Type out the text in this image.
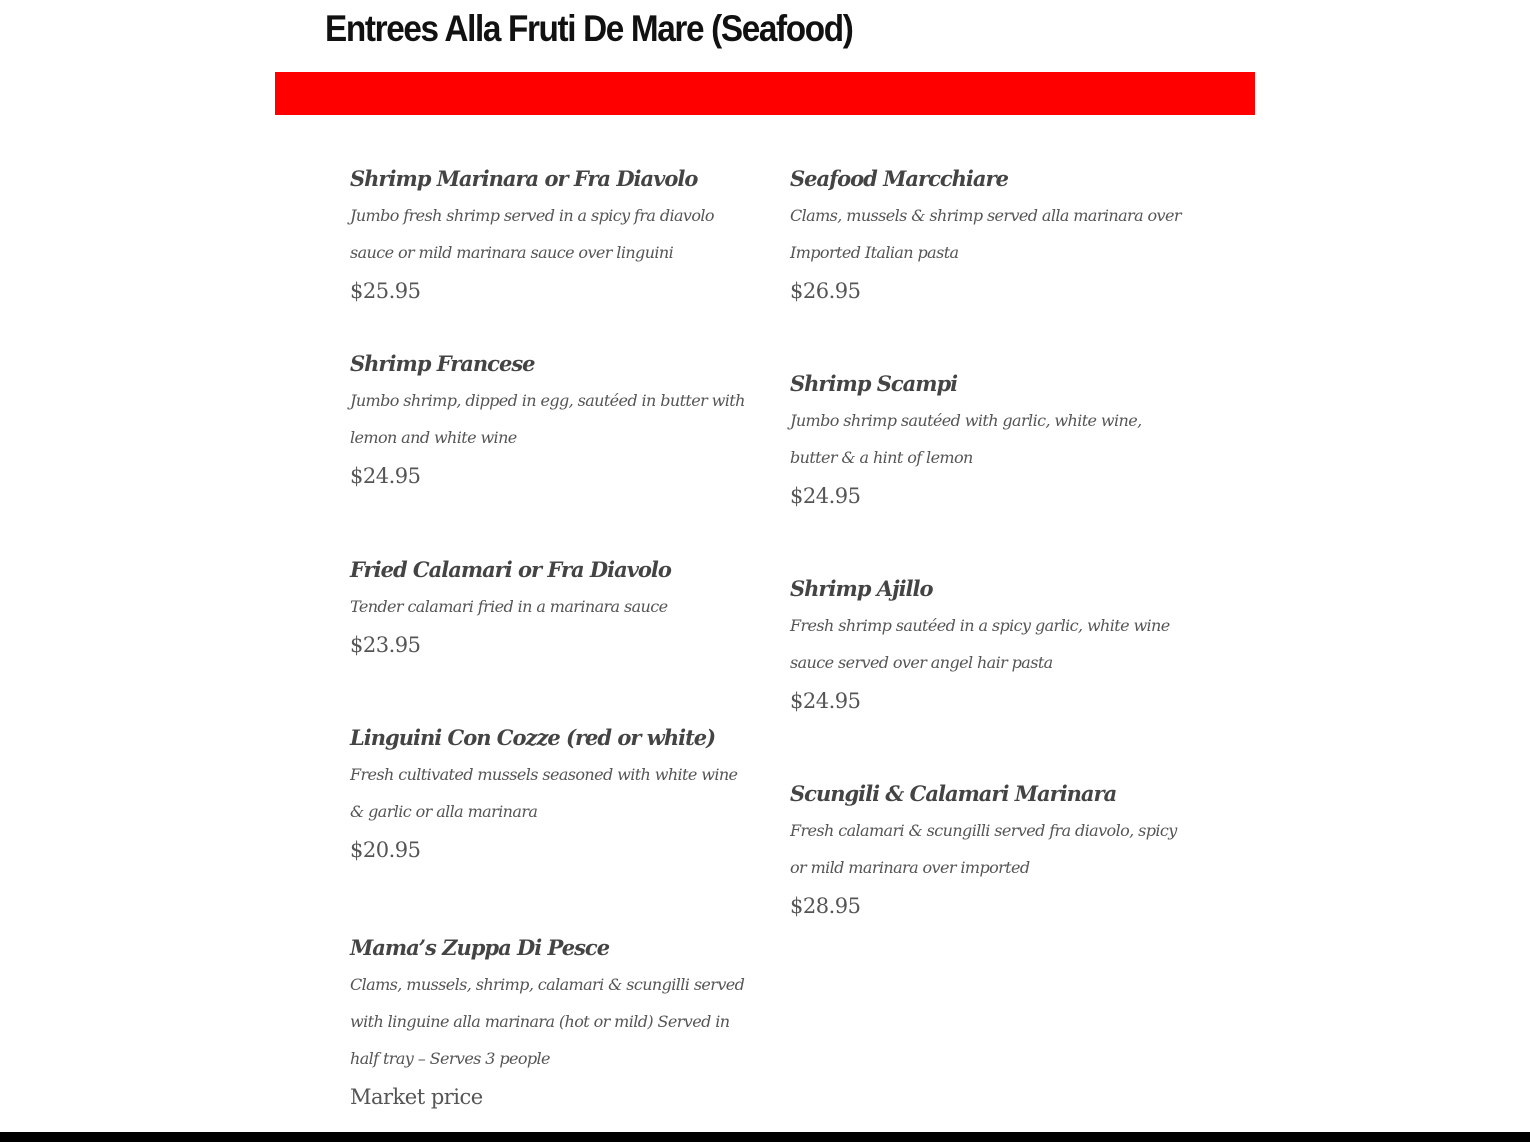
Entrees Alla Fruti De Mare (Seafood)
Shrimp Marinara or Fra Diavolo
Jumbo fresh shrimp served in a spicy fra diavolo sauce or mild marinara sauce over linguini
$25.95
Shrimp Francese
Jumbo shrimp, dipped in egg, sautéed in butter with lemon and white wine
$24.95
Fried Calamari or Fra Diavolo
Tender calamari fried in a marinara sauce
$23.95
Linguini Con Cozze (red or white)
Fresh cultivated mussels seasoned with white wine & garlic or alla marinara
$20.95
Mama’s Zuppa Di Pesce
Clams, mussels, shrimp, calamari & scungilli served with linguine alla marinara (hot or mild) Served in half tray – Serves 3 people
Market price
Seafood Marcchiare
Clams, mussels & shrimp served alla marinara over Imported Italian pasta
$26.95
Shrimp Scampi
Jumbo shrimp sautéed with garlic, white wine, butter & a hint of lemon
$24.95
Shrimp Ajillo
Fresh shrimp sautéed in a spicy garlic, white wine sauce served over angel hair pasta
$24.95
Scungili & Calamari Marinara
Fresh calamari & scungilli served fra diavolo, spicy or mild marinara over imported
$28.95
